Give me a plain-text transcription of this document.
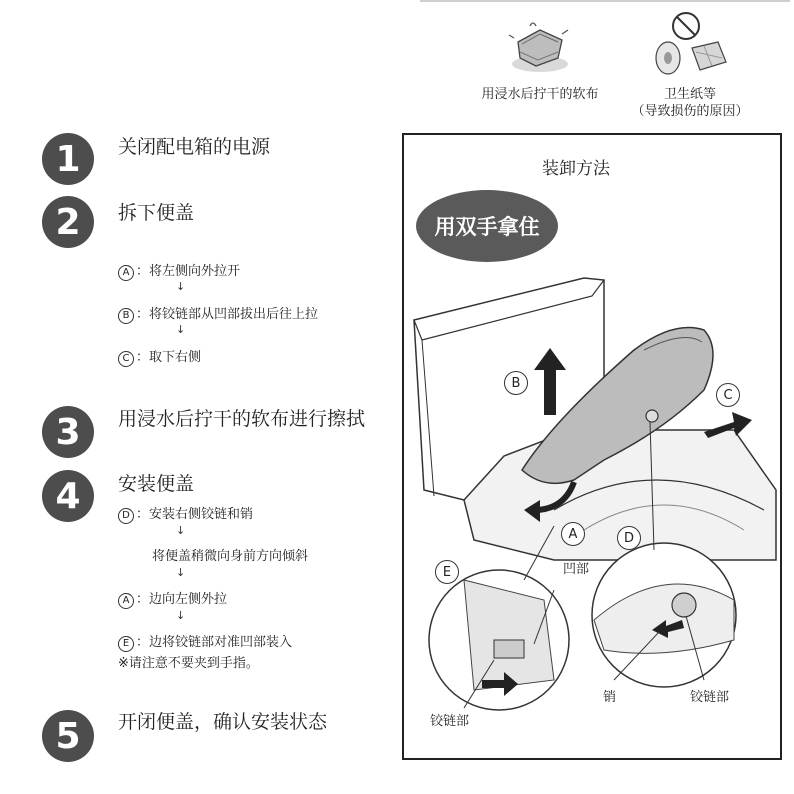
用浸水后拧干的软布	卫生纸等
（导致损伤的原因）
1	关闭配电箱的电源
2	拆下便盖
A ：将左侧向外拉开
↓
B ：将铰链部从凹部拔出后往上拉
↓
C ：取下右侧
3	用浸水后拧干的软布进行擦拭
4	安装便盖
D ：安装右侧铰链和销
↓
将便盖稍微向身前方向倾斜
↓
A ：边向左侧外拉
↓
E ：边将铰链部对准凹部装入
※请注意不要夹到手指。
5	开闭便盖，确认安装状态
装卸方法
用双手拿住
B
C
A	D
E	凹部
铰链部
销	铰链部
